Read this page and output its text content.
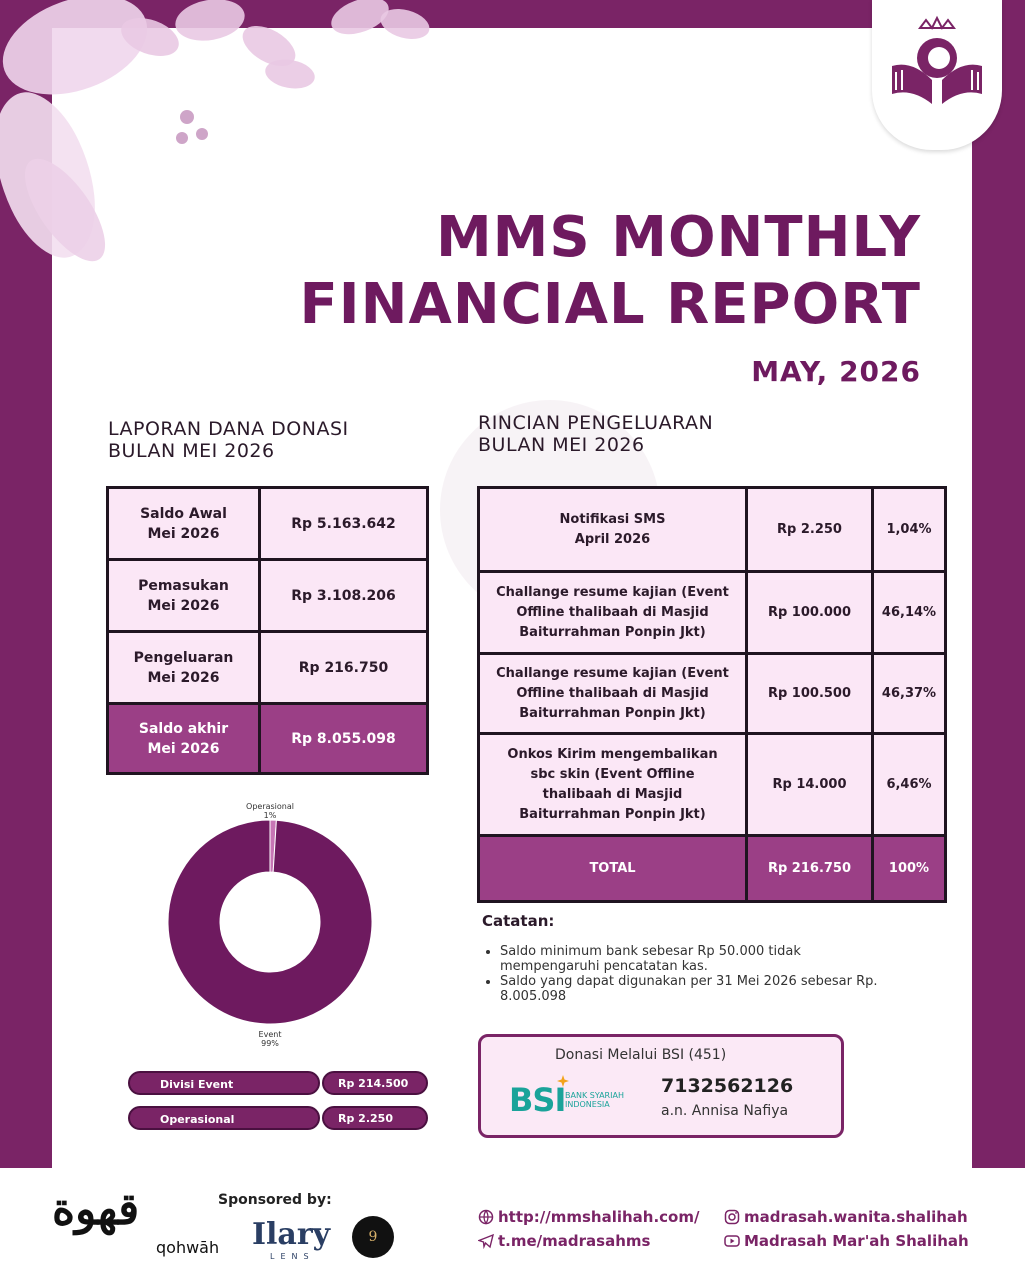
MMS MONTHLY
FINANCIAL REPORT
MAY, 2026
LAPORAN DANA DONASI
BULAN MEI 2026
Saldo Awal
Mei 2026	Rp 5.163.642
Pemasukan
Mei 2026	Rp 3.108.206
Pengeluaran
Mei 2026	Rp 216.750
Saldo akhir
Mei 2026	Rp 8.055.098
RINCIAN PENGELUARAN
BULAN MEI 2026
Notifikasi SMS
April 2026	Rp 2.250	1,04%
Challange resume kajian (Event
Offline thalibaah di Masjid
Baiturrahman Ponpin Jkt)	Rp 100.000	46,14%
Challange resume kajian (Event
Offline thalibaah di Masjid
Baiturrahman Ponpin Jkt)	Rp 100.500	46,37%
Onkos Kirim mengembalikan
sbc skin (Event Offline
thalibaah di Masjid
Baiturrahman Ponpin Jkt)	Rp 14.000	6,46%
TOTAL	Rp 216.750	100%
Operasional
1%
Event
99%
Divisi Event	Rp 214.500
Operasional	Rp 2.250
Catatan:
• Saldo minimum bank sebesar Rp 50.000 tidak mempengaruhi pencatatan kas.
• Saldo yang dapat digunakan per 31 Mei 2026 sebesar Rp. 8.005.098
Donasi Melalui BSI (451)
BSI BANK SYARIAH
INDONESIA
7132562126
a.n. Annisa Nafiya
قهوة
qohwāh
Sponsored by:
Ilary
LENS
9
http://mmshalihah.com/
t.me/madrasahms
madrasah.wanita.shalihah
Madrasah Mar'ah Shalihah
